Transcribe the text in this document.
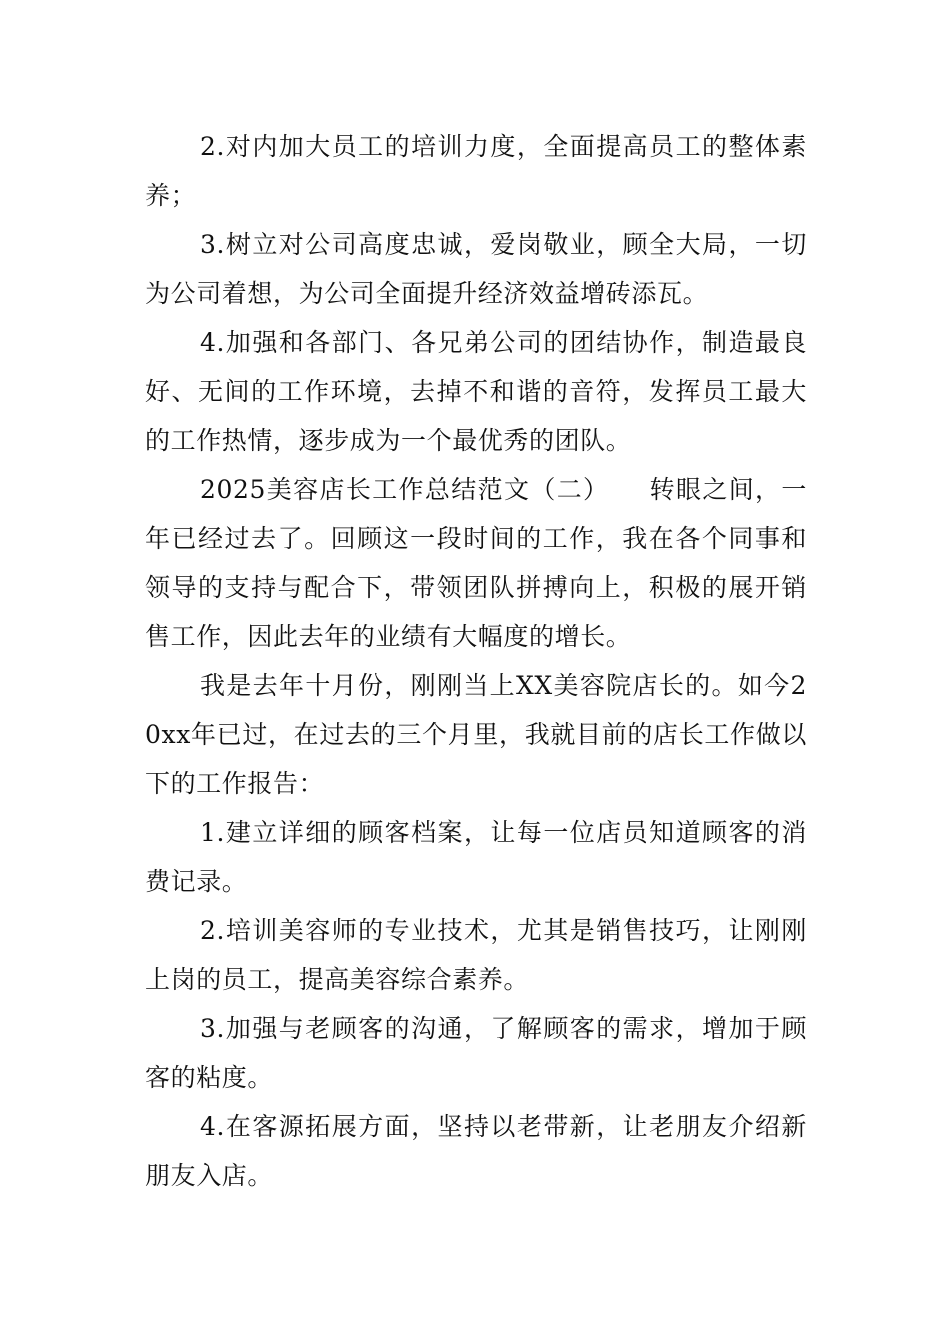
2.对内加大员工的培训力度，全面提高员工的整体素养；

3.树立对公司高度忠诚，爱岗敬业，顾全大局，一切为公司着想，为公司全面提升经济效益增砖添瓦。

4.加强和各部门、各兄弟公司的团结协作，制造最良好、无间的工作环境，去掉不和谐的音符，发挥员工最大的工作热情，逐步成为一个最优秀的团队。

2025美容店长工作总结范文（二）　　转眼之间，一年已经过去了。回顾这一段时间的工作，我在各个同事和领导的支持与配合下，带领团队拼搏向上，积极的展开销售工作，因此去年的业绩有大幅度的增长。

我是去年十月份，刚刚当上XX美容院店长的。如今20xx年已过，在过去的三个月里，我就目前的店长工作做以下的工作报告：

1.建立详细的顾客档案，让每一位店员知道顾客的消费记录。

2.培训美容师的专业技术，尤其是销售技巧，让刚刚上岗的员工，提高美容综合素养。

3.加强与老顾客的沟通，了解顾客的需求，增加于顾客的粘度。

4.在客源拓展方面，坚持以老带新，让老朋友介绍新朋友入店。
